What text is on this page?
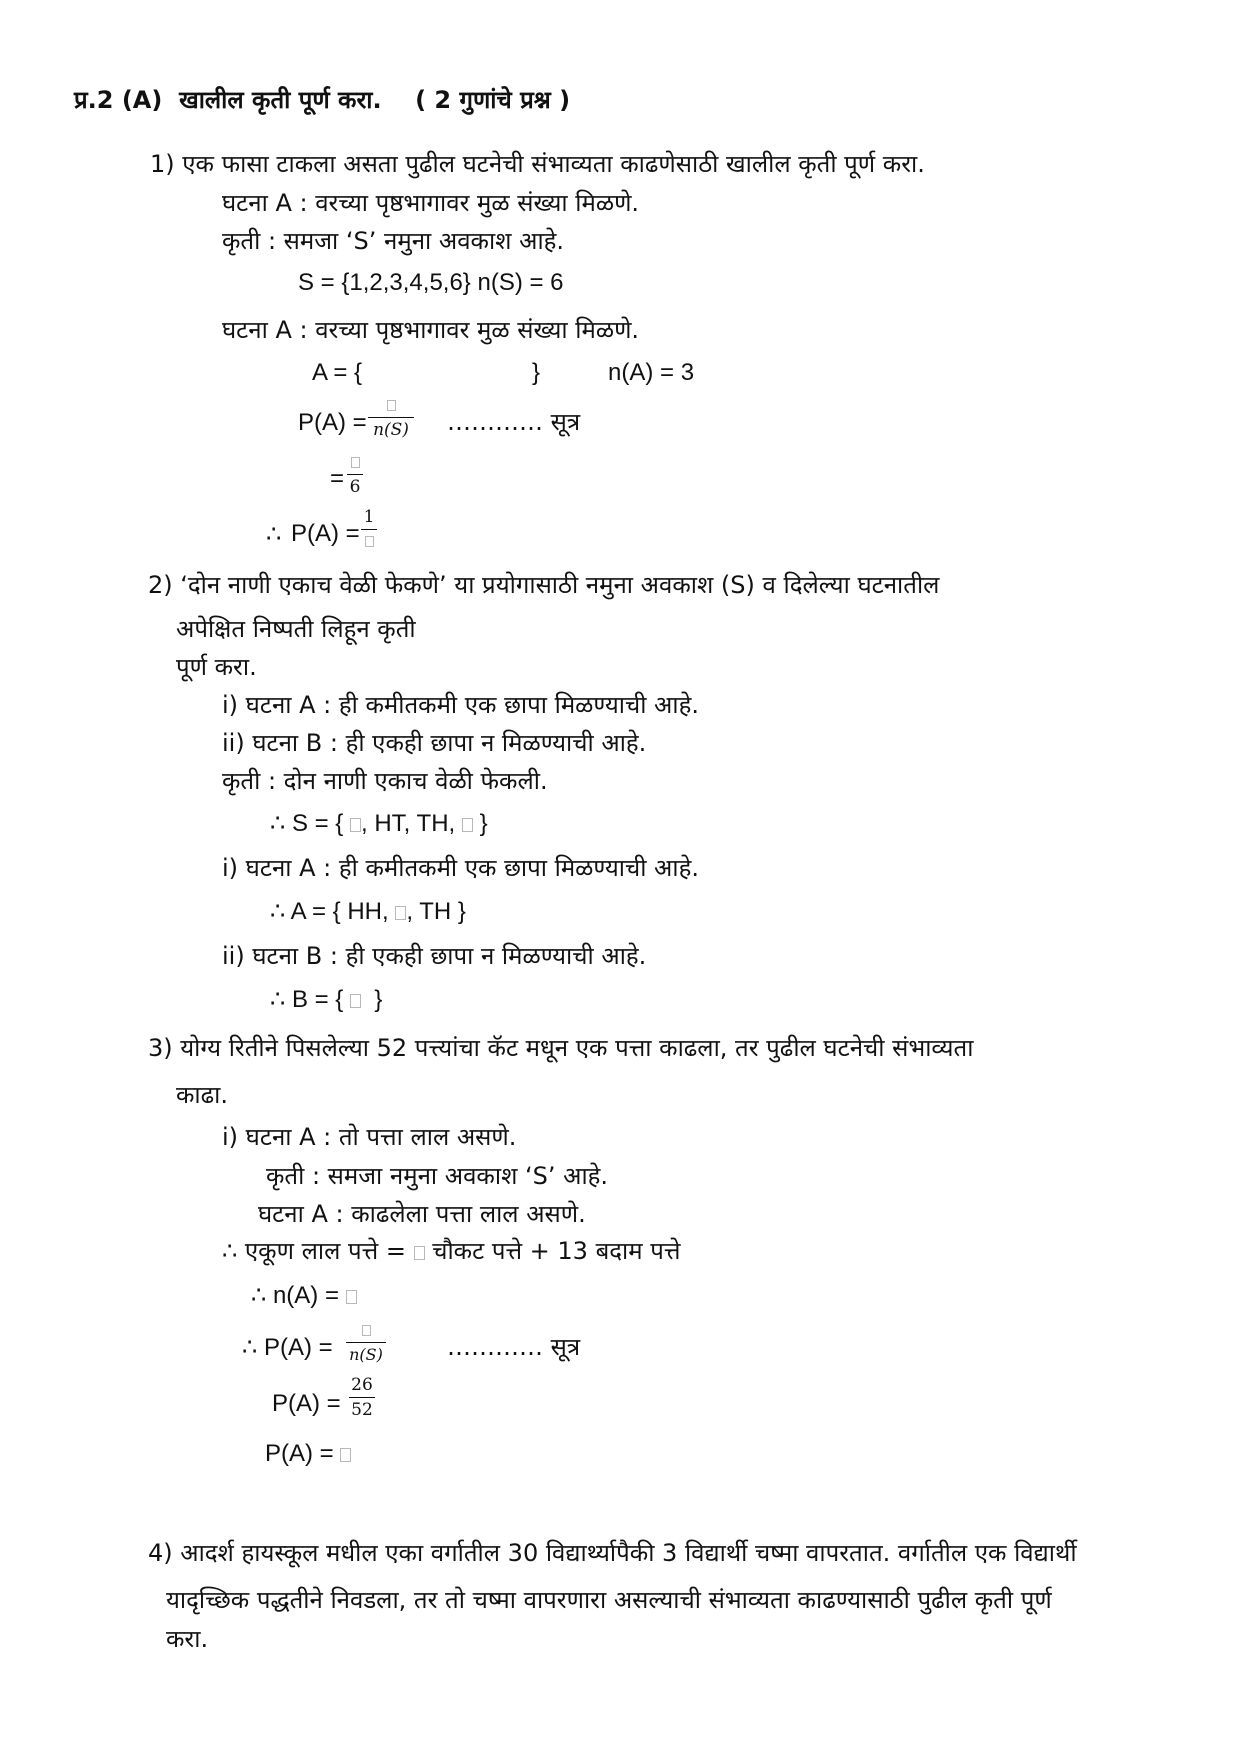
प्र.2 (A) खालील कृती पूर्ण करा. ( 2 गुणांचे प्रश्न )
1) एक फासा टाकला असता पुढील घटनेची संभाव्यता काढणेसाठी खालील कृती पूर्ण करा.
घटना A : वरच्या पृष्ठभागावर मुळ संख्या मिळणे.
कृती : समजा ‘S’ नमुना अवकाश आहे.
S = {1,2,3,4,5,6} n(S) = 6
घटना A : वरच्या पृष्ठभागावर मुळ संख्या मिळणे.
A = {	}	n(A) = 3
P(A) = n(S) ………… सूत्र
= 6
∴ P(A) =
1
2) ‘दोन नाणी एकाच वेळी फेकणे’ या प्रयोगासाठी नमुना अवकाश (S) व दिलेल्या घटनातील
अपेक्षित निष्पती लिहून कृती
पूर्ण करा.
i) घटना A : ही कमीतकमी एक छापा मिळण्याची आहे.
ii) घटना B : ही एकही छापा न मिळण्याची आहे.
कृती : दोन नाणी एकाच वेळी फेकली.
∴ S = { , HT, TH, }
i) घटना A : ही कमीतकमी एक छापा मिळण्याची आहे.
∴ A = { HH, , TH }
ii) घटना B : ही एकही छापा न मिळण्याची आहे.
∴ B = { }
3) योग्य रितीने पिसलेल्या 52 पत्त्यांचा कॅट मधून एक पत्ता काढला, तर पुढील घटनेची संभाव्यता
काढा.
i) घटना A : तो पत्ता लाल असणे.
कृती : समजा नमुना अवकाश ‘S’ आहे.
घटना A : काढलेला पत्ता लाल असणे.
∴ एकूण लाल पत्ते = चौकट पत्ते + 13 बदाम पत्ते
∴ n(A) =
∴ P(A) = n(S)	………… सूत्र
P(A) =
26
52
P(A) =
4) आदर्श हायस्कूल मधील एका वर्गातील 30 विद्यार्थ्यापैकी 3 विद्यार्थी चष्मा वापरतात. वर्गातील एक विद्यार्थी
यादृच्छिक पद्धतीने निवडला, तर तो चष्मा वापरणारा असल्याची संभाव्यता काढण्यासाठी पुढील कृती पूर्ण
करा.
